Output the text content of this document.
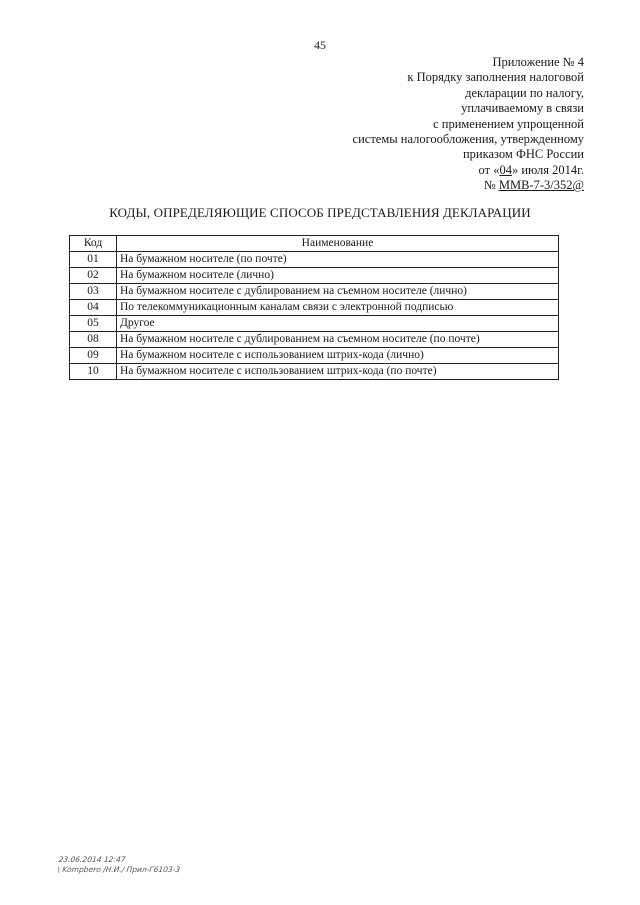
45
Приложение № 4
к Порядку заполнения налоговой
декларации по налогу,
уплачиваемому в связи
с применением упрощенной
системы налогообложения, утвержденному
приказом ФНС России
от «04» июля 2014г.
№ ММВ-7-3/352@
КОДЫ, ОПРЕДЕЛЯЮЩИЕ СПОСОБ ПРЕДСТАВЛЕНИЯ ДЕКЛАРАЦИИ
Код	Наименование
01	На бумажном носителе (по почте)
02	На бумажном носителе (лично)
03	На бумажном носителе с дублированием на съемном носителе (лично)
04	По телекоммуникационным каналам связи с электронной подписью
05	Другое
08	На бумажном носителе с дублированием на съемном носителе (по почте)
09	На бумажном носителе с использованием штрих-кода (лично)
10	На бумажном носителе с использованием штрих-кода (по почте)
23.06.2014 12:47
\ Kompbero /H.И./ Прил-Г6103-3
